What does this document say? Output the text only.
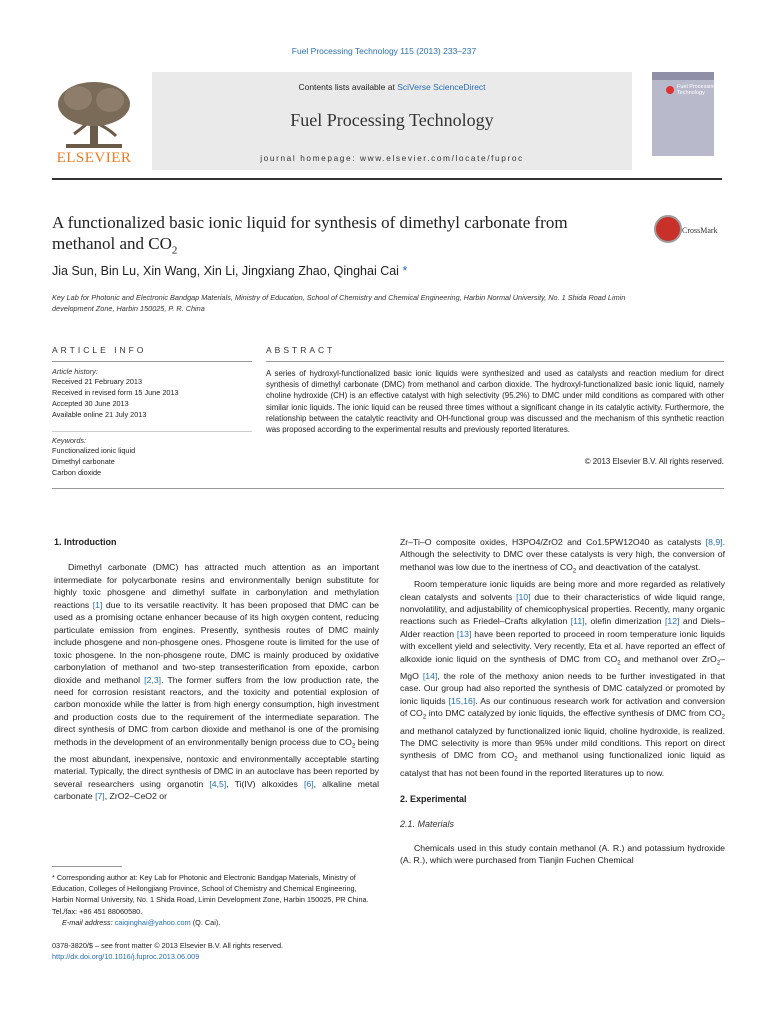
Fuel Processing Technology 115 (2013) 233–237
ELSEVIER
Contents lists available at SciVerse ScienceDirect
Fuel Processing Technology
journal homepage: www.elsevier.com/locate/fuproc
Fuel Processing Technology
A functionalized basic ionic liquid for synthesis of dimethyl carbonate from methanol and $CO_2$
CrossMark
Jia Sun, Bin Lu, Xin Wang, Xin Li, Jingxiang Zhao, Qinghai Cai *
Key Lab for Photonic and Electronic Bandgap Materials, Ministry of Education, School of Chemistry and Chemical Engineering, Harbin Normal University, No. 1 Shida Road Limin development Zone, Harbin 150025, P. R. China
ARTICLE INFO	ABSTRACT
Article history:
Received 21 February 2013
Received in revised form 15 June 2013
Accepted 30 June 2013
Available online 21 July 2013
Keywords:
Functionalized ionic liquid
Dimethyl carbonate
Carbon dioxide
A series of hydroxyl-functionalized basic ionic liquids were synthesized and used as catalysts and reaction medium for direct synthesis of dimethyl carbonate (DMC) from methanol and carbon dioxide. The hydroxyl-functionalized basic ionic liquid, namely choline hydroxide (CH) is an effective catalyst with high selectivity (95.2%) to DMC under mild conditions as compared with other similar ionic liquids. The ionic liquid can be reused three times without a significant change in its catalytic activity. Furthermore, the relationship between the catalytic reactivity and OH-functional group was discussed and the mechanism of this synthetic reaction was proposed according to the experimental results and previously reported literatures.
© 2013 Elsevier B.V. All rights reserved.
1. Introduction

Dimethyl carbonate (DMC) has attracted much attention as an important intermediate for polycarbonate resins and environmentally benign substitute for highly toxic phosgene and dimethyl sulfate in carbonylation and methylation reactions [1] due to its versatile reactivity. It has been proposed that DMC can be used as a promising octane enhancer because of its high oxygen content, reducing particulate emission from engines. Presently, synthesis routes of DMC mainly include phosgene and non-phosgene ones. Phosgene route is limited for the use of toxic phosgene. In the non-phosgene route, DMC is mainly produced by oxidative carbonylation of methanol and two-step transesterification from epoxide, carbon dioxide and methanol [2,3]. The former suffers from the low production rate, the need for corrosion resistant reactors, and the toxicity and potential explosion of carbon monoxide while the latter is from high energy consumption, high investment and production costs due to the requirement of the intermediate separation. The direct synthesis of DMC from carbon dioxide and methanol is one of the promising methods in the development of an environmentally benign process due to $CO_2$ being the most abundant, inexpensive, nontoxic and environmentally acceptable starting material. Typically, the direct synthesis of DMC in an autoclave has been reported by several researchers using organotin [4,5], Ti(IV) alkoxides [6], alkaline metal carbonate [7], ZrO2–CeO2 or

* Corresponding author at: Key Lab for Photonic and Electronic Bandgap Materials, Ministry of Education, Colleges of Heilongjiang Province, School of Chemistry and Chemical Engineering, Harbin Normal University, No. 1 Shida Road, Limin Development Zone, Harbin 150025, PR China. Tel./fax: +86 451 88060580.
E-mail address: caiqinghai@yahoo.com (Q. Cai).
0378-3820/$ – see front matter © 2013 Elsevier B.V. All rights reserved.
http://dx.doi.org/10.1016/j.fuproc.2013.06.009

Zr–Ti–O composite oxides, H3PO4/ZrO2 and Co1.5PW12O40 as catalysts [8,9]. Although the selectivity to DMC over these catalysts is very high, the conversion of methanol was low due to the inertness of $CO_2$ and deactivation of the catalyst.

Room temperature ionic liquids are being more and more regarded as relatively clean catalysts and solvents [10] due to their characteristics of wide liquid range, nonvolatility, and adjustability of chemicophysical properties. Recently, many organic reactions such as Friedel–Crafts alkylation [11], olefin dimerization [12] and Diels–Alder reaction [13] have been reported to proceed in room temperature ionic liquids with excellent yield and selectivity. Very recently, Eta et al. have reported an effect of alkoxide ionic liquid on the synthesis of DMC from $CO_2$ and methanol over ZrO$_2$–MgO [14], the role of the methoxy anion needs to be further investigated in that case. Our group had also reported the synthesis of DMC catalyzed or promoted by ionic liquids [15,16]. As our continuous research work for activation and conversion of $CO_2$ into DMC catalyzed by ionic liquids, the effective synthesis of DMC from $CO_2$ and methanol catalyzed by functionalized ionic liquid, choline hydroxide, is realized. The DMC selectivity is more than 95% under mild conditions. This report on direct synthesis of DMC from $CO_2$ and methanol using functionalized ionic liquid as catalyst that has not been found in the reported literatures up to now.

2. Experimental
2.1. Materials

Chemicals used in this study contain methanol (A. R.) and potassium hydroxide (A. R.), which were purchased from Tianjin Fuchen Chemical
